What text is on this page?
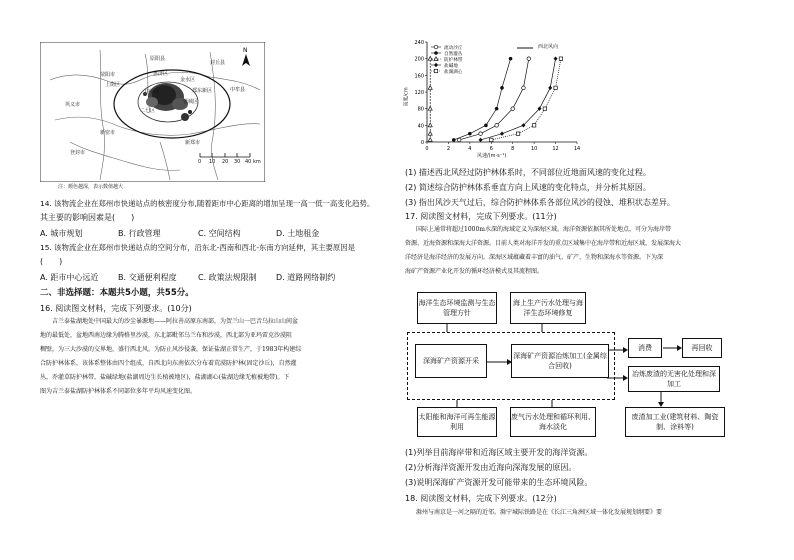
N
原阳县
封丘县
荥阳市
上街区
巩义市
惠济区
金水区
中原区	郑东新区
管城区
二七区
中牟县
新郑市
新密市
登封市
0 10 20 30 40 km
注：颜色越深，表示数值越大
14. 该物流企业在郑州市快递站点的核密度分布,随着距市中心距离的增加呈现一高一低一高变化趋势。
其主要的影响因素是(　　)
A. 城市规划	B. 行政管理	C. 空间结构	D. 土地租金
15. 该物流企业在郑州市快递站点的空间分布，沿东北-西南和西北-东南方向延伸，其主要原因是
(　　)
A. 距市中心远近 B. 交通便利程度	C. 政策法规限制 D. 道路网络制约
二、非选择题：本题共5小题，共55分。
16. 阅读图文材料，完成下列要求。(10分)
吉兰泰盐湖地处中国最大的沙尘暴源地——阿拉善高原东南部，为贺兰山一巴音乌拉山山间盆
地的最低处，盆地西南边缘为腾格里沙漠，东北部毗邻乌兰布和沙漠，西北部为亚玛雷克沙漠阻
稠壁，为三大沙漠的交界地，盛行西北风。为防止风沙侵袭，保证盐湖正常生产，于1983年构建综
合防护林体系，该体系整体由四个组成，自西北向东南依次分布着荒漠防护林(固定沙丘)，自然灌
丛，乔灌草防护林带，盐碱绿地(盐湖周边生长植被地区)，盐湖湖心(盐湖边缘无植被地带)。下
图为吉兰泰盐湖防护林体系不同部位多年平均风速变化图。
0	2	4	6	8	10	12	14
0
40
80
120
160
200
240
流动沙丘
自然灌丛
防护林带
盐碱地
盐湖湖心
西北风向
风速/(m·s⁻¹)
高度/cm
(1) 描述西北风经过防护林体系时，不同部位近地面风速的变化过程。
(2) 简述综合防护林体系垂直方向上风速的变化特点，并分析其原因。
(3) 指出风沙天气过后，综合防护林体系各部位风沙的侵蚀、堆积状态差异。
17. 阅读图文材料，完成下列要求。(11分)
国际上通常将超过1000m水深的海域定义为深海区域。海洋资源依据其所处地点，可分为海岸带
资源、近海资源和深海大洋资源。目前人类对海洋开发的重点区域集中在海岸带和近海区域，发展深海大
洋经济是海洋经济的发展方向。深海区域蕴藏着丰富的油气、矿产、生物和深海水等资源。下为深
海矿产资源产业化开发的循环经济模式及其流程图。
海洋生态环境监测与生态管理方针
海上生产污水处理与海洋生态环境修复
深海矿产资源开采
深海矿产资源冶炼加工(金属综合回收)
消费	再回收
冶炼废渣的无害化处理和深加工
太阳能和海洋可再生能源利用
废气污水处理和循环利用、海水淡化
废渣加工业(建筑材料、陶瓷制、涂料等)
(1)列举目前海岸带和近海区域主要开发的海洋资源。
(2)分析海洋资源开发由近海向深海发展的原因。
(3)说明深海矿产资源开发可能带来的生态环境风险。
18. 阅读图文材料，完成下列要求。(12分)
滁州与南京是一河之隔的近邻。滁宁城际铁路是在《长江三角洲区域一体化发展规划纲要》要
